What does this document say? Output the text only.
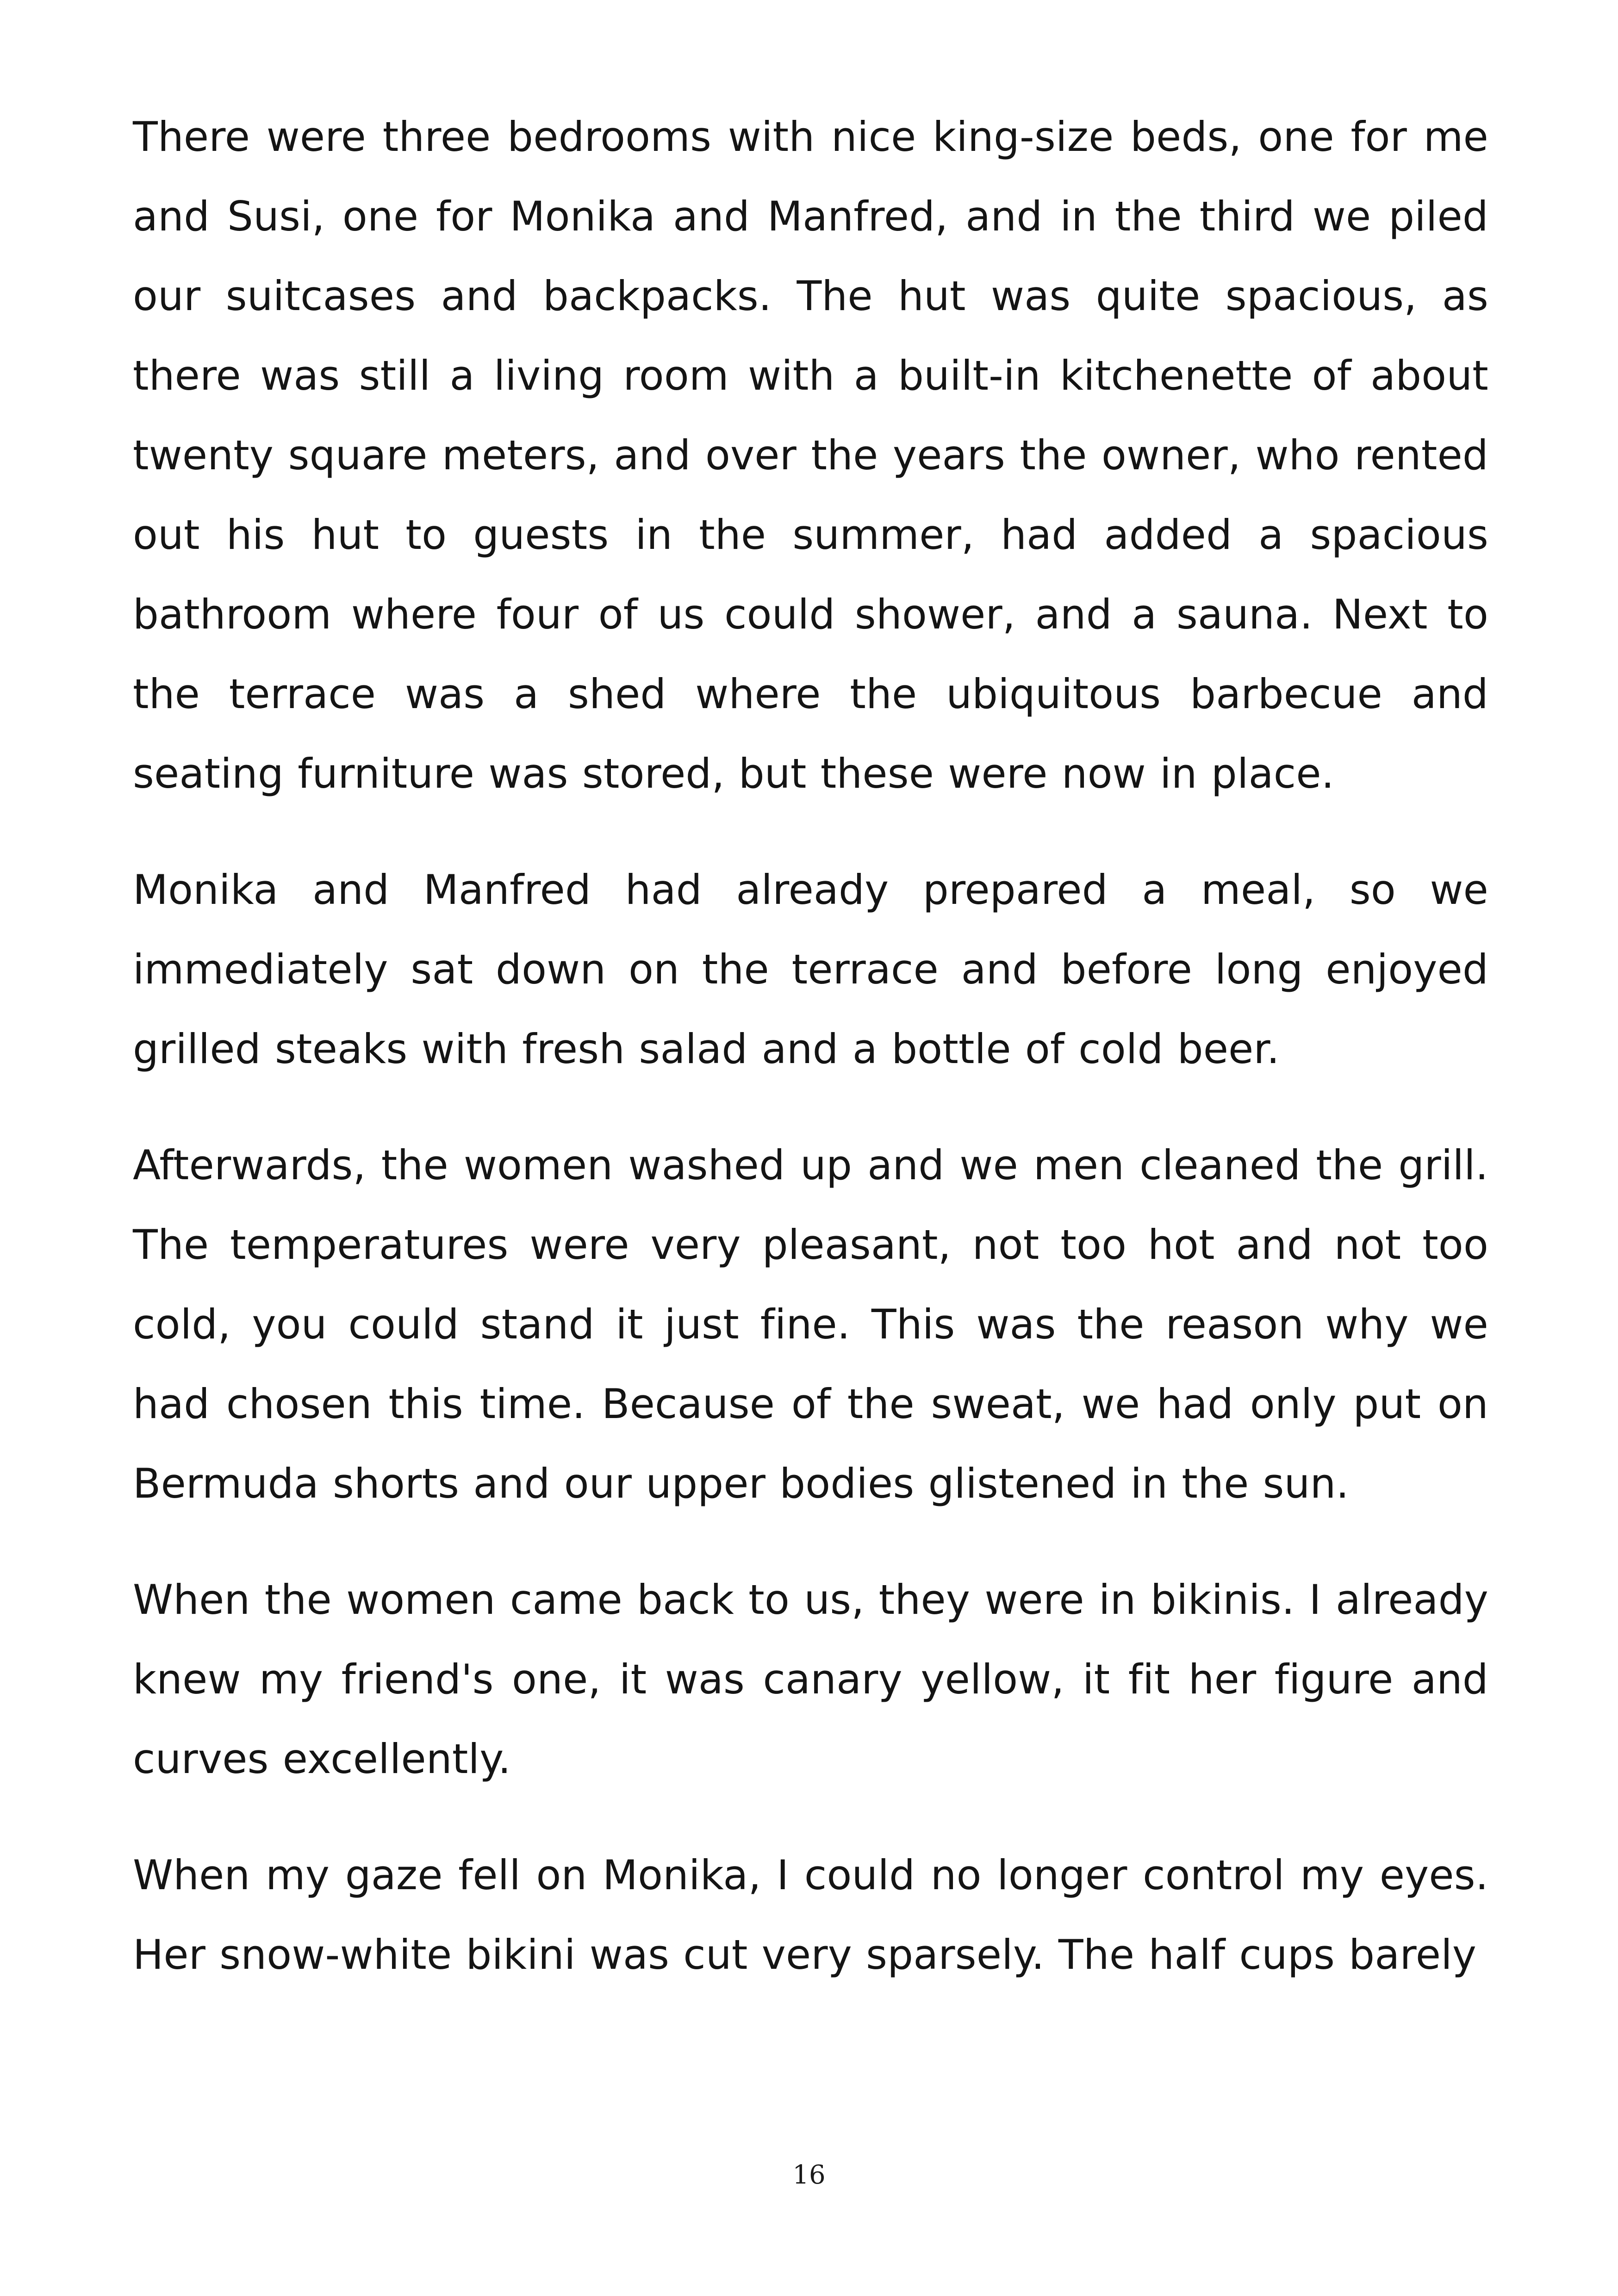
There were three bedrooms with nice king-size beds, one for me and Susi, one for Monika and Manfred, and in the third we piled our suitcases and backpacks. The hut was quite spacious, as there was still a living room with a built-in kitchenette of about twenty square meters, and over the years the owner, who rented out his hut to guests in the summer, had added a spacious bathroom where four of us could shower, and a sauna. Next to the terrace was a shed where the ubiquitous barbecue and seating furniture was stored, but these were now in place.

Monika and Manfred had already prepared a meal, so we immediately sat down on the terrace and before long enjoyed grilled steaks with fresh salad and a bottle of cold beer.

Afterwards, the women washed up and we men cleaned the grill. The temperatures were very pleasant, not too hot and not too cold, you could stand it just fine. This was the reason why we had chosen this time. Because of the sweat, we had only put on Bermuda shorts and our upper bodies glistened in the sun.

When the women came back to us, they were in bikinis. I already knew my friend's one, it was canary yellow, it fit her figure and curves excellently.

When my gaze fell on Monika, I could no longer control my eyes. Her snow-white bikini was cut very sparsely. The half cups barely

16
